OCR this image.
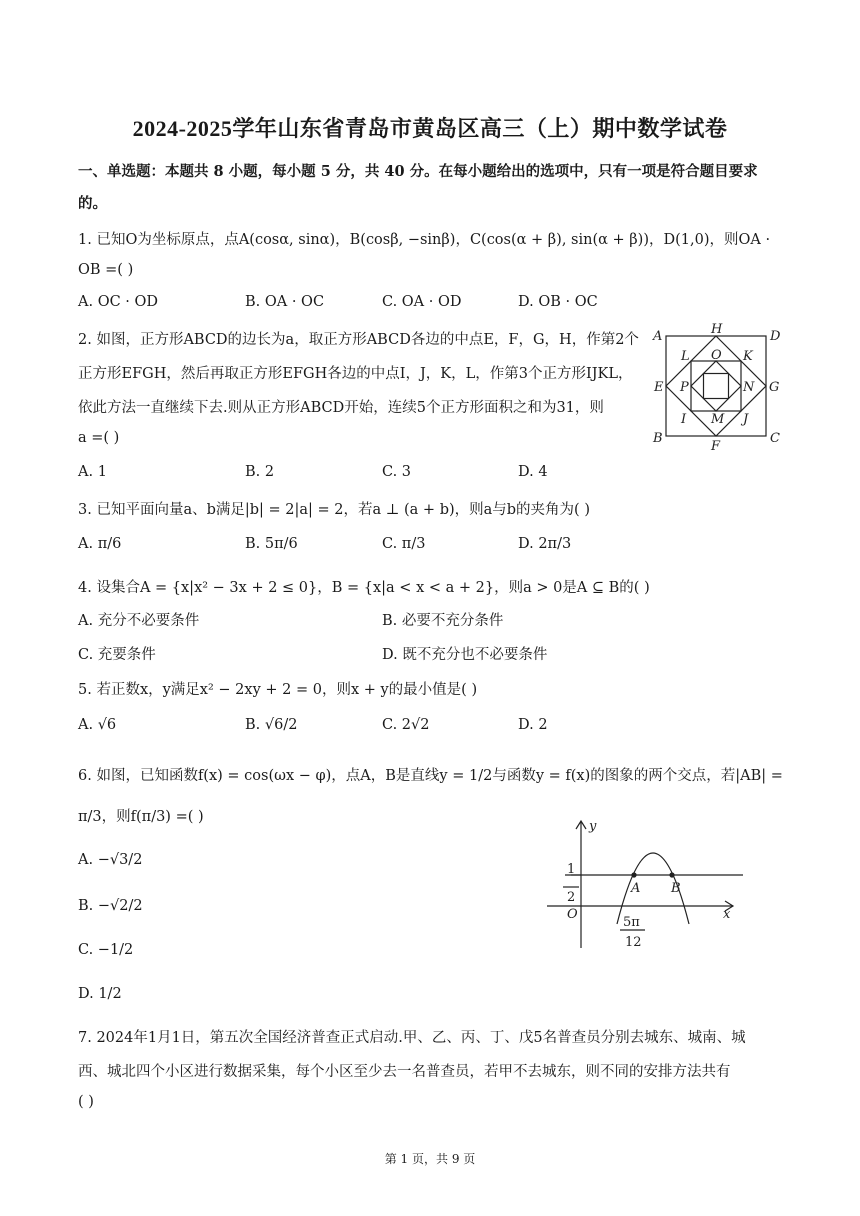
2024-2025学年山东省青岛市黄岛区高三（上）期中数学试卷
一、单选题：本题共 8 小题，每小题 5 分，共 40 分。在每小题给出的选项中，只有一项是符合题目要求
的。
1. 已知O为坐标原点，点A(cosα, sinα)，B(cosβ, −sinβ)，C(cos(α + β), sin(α + β))，D(1,0)，则OA ·
OB =( )
A. OC · OD	B. OA · OC	C. OA · OD	D. OB · OC
2. 如图，正方形ABCD的边长为a，取正方形ABCD各边的中点E，F，G，H，作第2个
正方形EFGH，然后再取正方形EFGH各边的中点I，J，K，L，作第3个正方形IJKL，
依此方法一直继续下去.则从正方形ABCD开始，连续5个正方形面积之和为31，则
a =( )
A. 1	B. 2	C. 3	D. 4
A	D
B	C
H
F
E	G
L	K
I	J
O
M
P	N
3. 已知平面向量a、b满足|b| = 2|a| = 2，若a ⊥ (a + b)，则a与b的夹角为( )
A. π/6	B. 5π/6	C. π/3	D. 2π/3
4. 设集合A = {x|x² − 3x + 2 ≤ 0}，B = {x|a < x < a + 2}，则a > 0是A ⊆ B的( )
A. 充分不必要条件	B. 必要不充分条件
C. 充要条件	D. 既不充分也不必要条件
5. 若正数x，y满足x² − 2xy + 2 = 0，则x + y的最小值是( )
A. √6	B. √6/2	C. 2√2	D. 2
6. 如图，已知函数f(x) = cos(ωx − φ)，点A，B是直线y = 1/2与函数y = f(x)的图象的两个交点，若|AB| =
π/3，则f(π/3) =( )
A. −√3/2
B. −√2/2
C. −1/2
D. 1/2
y
x
O
1
2
A B
5π
12
7. 2024年1月1日，第五次全国经济普查正式启动.甲、乙、丙、丁、戊5名普查员分别去城东、城南、城
西、城北四个小区进行数据采集，每个小区至少去一名普查员，若甲不去城东，则不同的安排方法共有
( )
第 1 页，共 9 页
